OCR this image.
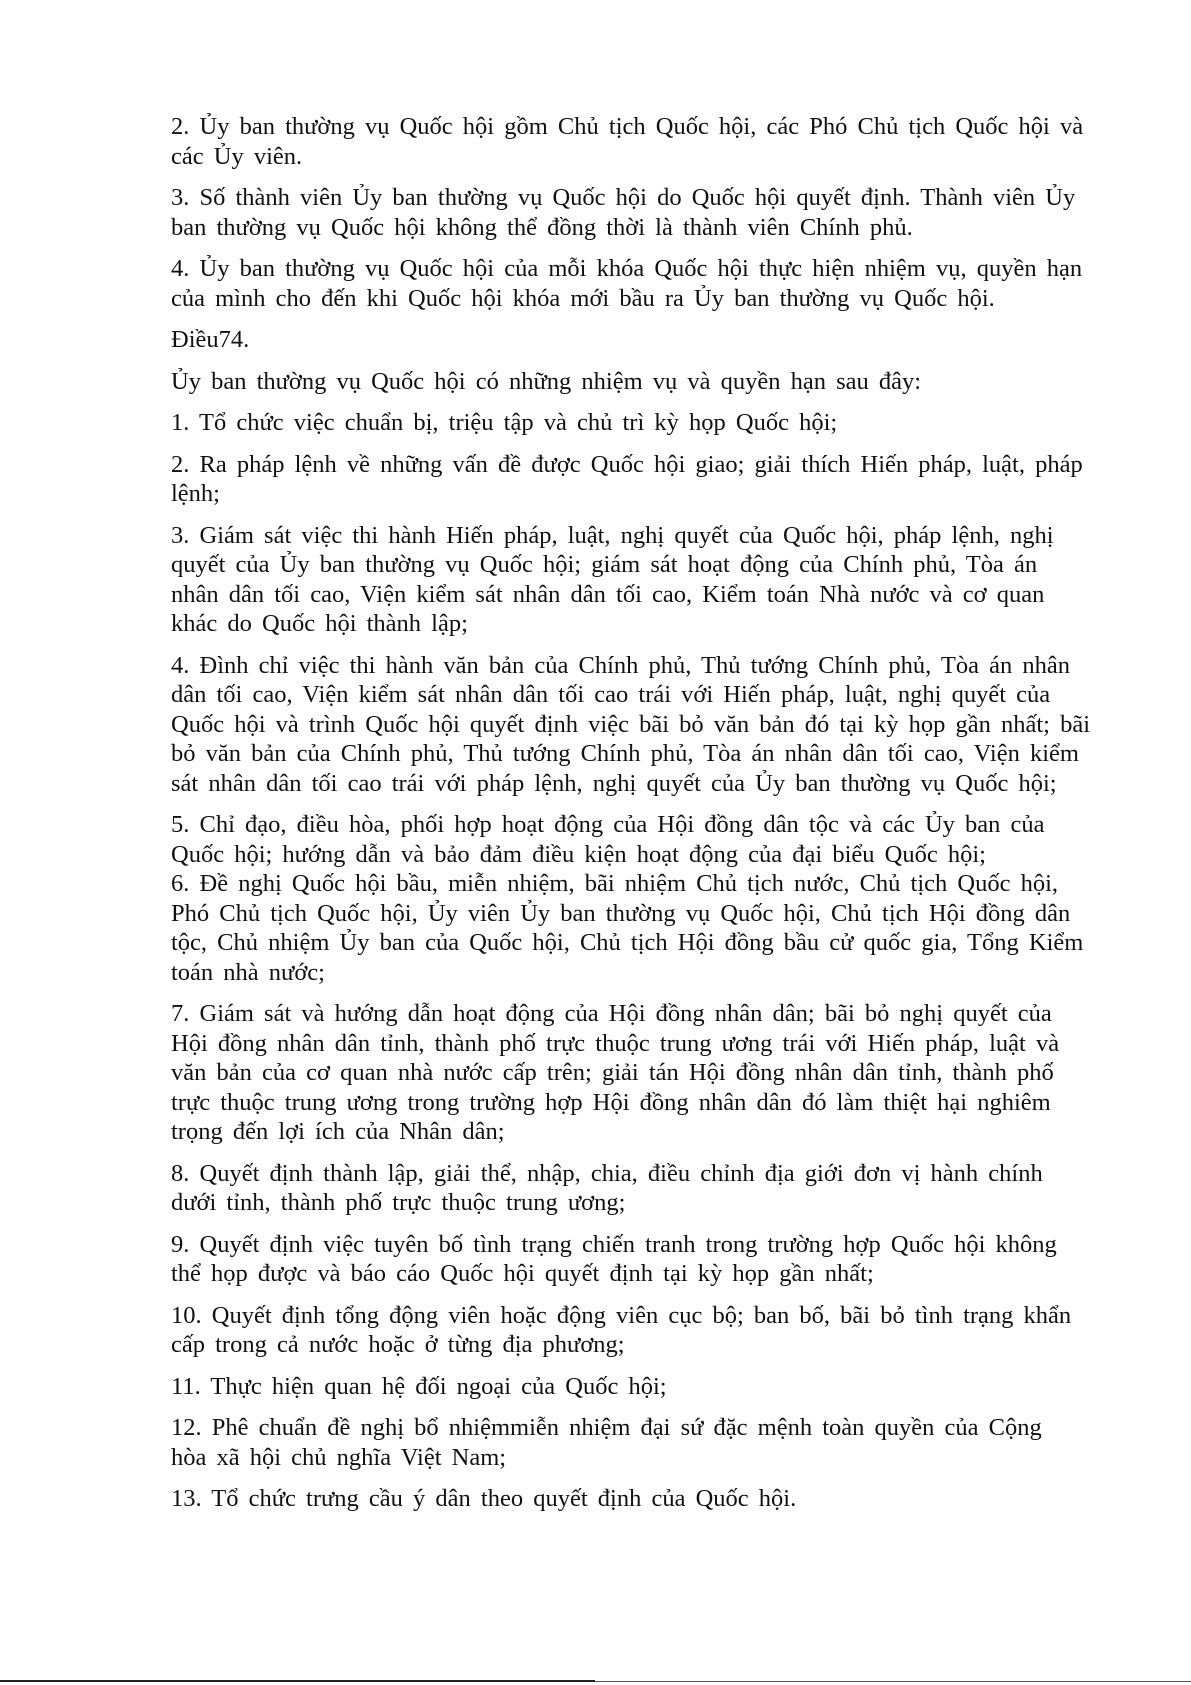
2. Ủy ban thường vụ Quốc hội gồm Chủ tịch Quốc hội, các Phó Chủ tịch Quốc hội và
các Ủy viên.
3. Số thành viên Ủy ban thường vụ Quốc hội do Quốc hội quyết định. Thành viên Ủy
ban thường vụ Quốc hội không thể đồng thời là thành viên Chính phủ.
4. Ủy ban thường vụ Quốc hội của mỗi khóa Quốc hội thực hiện nhiệm vụ, quyền hạn
của mình cho đến khi Quốc hội khóa mới bầu ra Ủy ban thường vụ Quốc hội.
Điều74.
Ủy ban thường vụ Quốc hội có những nhiệm vụ và quyền hạn sau đây:
1. Tổ chức việc chuẩn bị, triệu tập và chủ trì kỳ họp Quốc hội;
2. Ra pháp lệnh về những vấn đề được Quốc hội giao; giải thích Hiến pháp, luật, pháp
lệnh;
3. Giám sát việc thi hành Hiến pháp, luật, nghị quyết của Quốc hội, pháp lệnh, nghị
quyết của Ủy ban thường vụ Quốc hội; giám sát hoạt động của Chính phủ, Tòa án
nhân dân tối cao, Viện kiểm sát nhân dân tối cao, Kiểm toán Nhà nước và cơ quan
khác do Quốc hội thành lập;
4. Đình chỉ việc thi hành văn bản của Chính phủ, Thủ tướng Chính phủ, Tòa án nhân
dân tối cao, Viện kiểm sát nhân dân tối cao trái với Hiến pháp, luật, nghị quyết của
Quốc hội và trình Quốc hội quyết định việc bãi bỏ văn bản đó tại kỳ họp gần nhất; bãi
bỏ văn bản của Chính phủ, Thủ tướng Chính phủ, Tòa án nhân dân tối cao, Viện kiểm
sát nhân dân tối cao trái với pháp lệnh, nghị quyết của Ủy ban thường vụ Quốc hội;
5. Chỉ đạo, điều hòa, phối hợp hoạt động của Hội đồng dân tộc và các Ủy ban của
Quốc hội; hướng dẫn và bảo đảm điều kiện hoạt động của đại biểu Quốc hội;
6. Đề nghị Quốc hội bầu, miễn nhiệm, bãi nhiệm Chủ tịch nước, Chủ tịch Quốc hội,
Phó Chủ tịch Quốc hội, Ủy viên Ủy ban thường vụ Quốc hội, Chủ tịch Hội đồng dân
tộc, Chủ nhiệm Ủy ban của Quốc hội, Chủ tịch Hội đồng bầu cử quốc gia, Tổng Kiểm
toán nhà nước;
7. Giám sát và hướng dẫn hoạt động của Hội đồng nhân dân; bãi bỏ nghị quyết của
Hội đồng nhân dân tỉnh, thành phố trực thuộc trung ương trái với Hiến pháp, luật và
văn bản của cơ quan nhà nước cấp trên; giải tán Hội đồng nhân dân tỉnh, thành phố
trực thuộc trung ương trong trường hợp Hội đồng nhân dân đó làm thiệt hại nghiêm
trọng đến lợi ích của Nhân dân;
8. Quyết định thành lập, giải thể, nhập, chia, điều chỉnh địa giới đơn vị hành chính
dưới tỉnh, thành phố trực thuộc trung ương;
9. Quyết định việc tuyên bố tình trạng chiến tranh trong trường hợp Quốc hội không
thể họp được và báo cáo Quốc hội quyết định tại kỳ họp gần nhất;
10. Quyết định tổng động viên hoặc động viên cục bộ; ban bố, bãi bỏ tình trạng khẩn
cấp trong cả nước hoặc ở từng địa phương;
11. Thực hiện quan hệ đối ngoại của Quốc hội;
12. Phê chuẩn đề nghị bổ nhiệmmiễn nhiệm đại sứ đặc mệnh toàn quyền của Cộng
hòa xã hội chủ nghĩa Việt Nam;
13. Tổ chức trưng cầu ý dân theo quyết định của Quốc hội.
